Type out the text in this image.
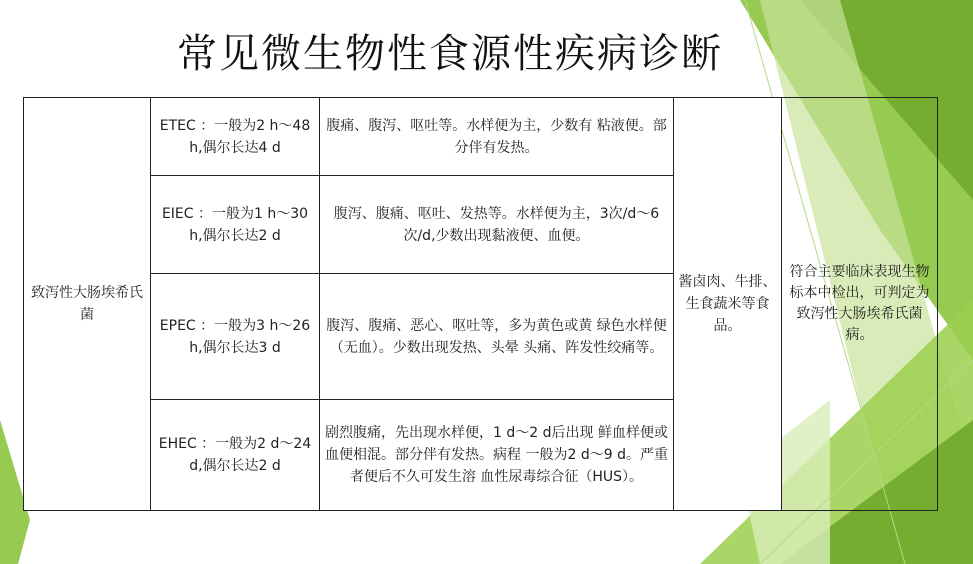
常见微生物性食源性疾病诊断
致泻性大肠埃希氏菌	ETEC ：一般为2 h～48 h,偶尔长达4 d	腹痛、腹泻、呕吐等。水样便为主，少数有 粘液便。部分伴有发热。	酱卤肉、牛排、生食蔬米等食品。	符合主要临床表现生物标本中检出，可判定为致泻性大肠埃希氏菌病。

	EIEC ：一般为1 h～30 h,偶尔长达2 d	腹泻、腹痛、呕吐、发热等。水样便为主，3次/d～6次/d,少数出现黏液便、血便。		
	EPEC ：一般为3 h～26 h,偶尔长达3 d	腹泻、腹痛、恶心、呕吐等，多为黄色或黄 绿色水样便（无血）。少数出现发热、头晕 头痛、阵发性绞痛等。		
	EHEC ：一般为2 d～24 d,偶尔长达2 d	剧烈腹痛，先出现水样便，1 d～2 d后出现 鲜血样便或血便相混。部分伴有发热。病程 一般为2 d～9 d。严重者便后不久可发生溶 血性尿毒综合征（HUS）。		
